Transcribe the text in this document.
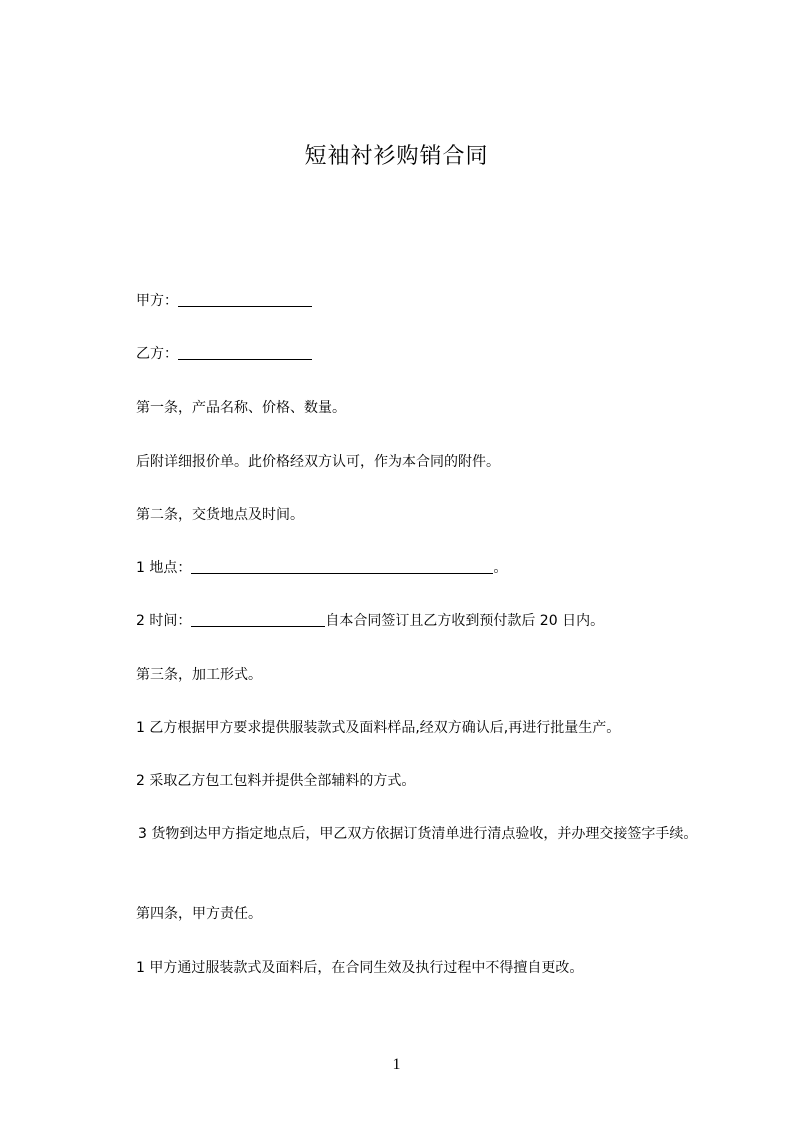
短袖衬衫购销合同
甲方：
乙方：
第一条，产品名称、价格、数量。
后附详细报价单。此价格经双方认可，作为本合同的附件。
第二条，交货地点及时间。
1 地点：	。
2 时间：	自本合同签订且乙方收到预付款后 20 日内。
第三条，加工形式。
1 乙方根据甲方要求提供服装款式及面料样品,经双方确认后,再进行批量生产。
2 采取乙方包工包料并提供全部辅料的方式。
3 货物到达甲方指定地点后，甲乙双方依据订货清单进行清点验收，并办理交接签字手续。
第四条，甲方责任。
1 甲方通过服装款式及面料后，在合同生效及执行过程中不得擅自更改。
1
